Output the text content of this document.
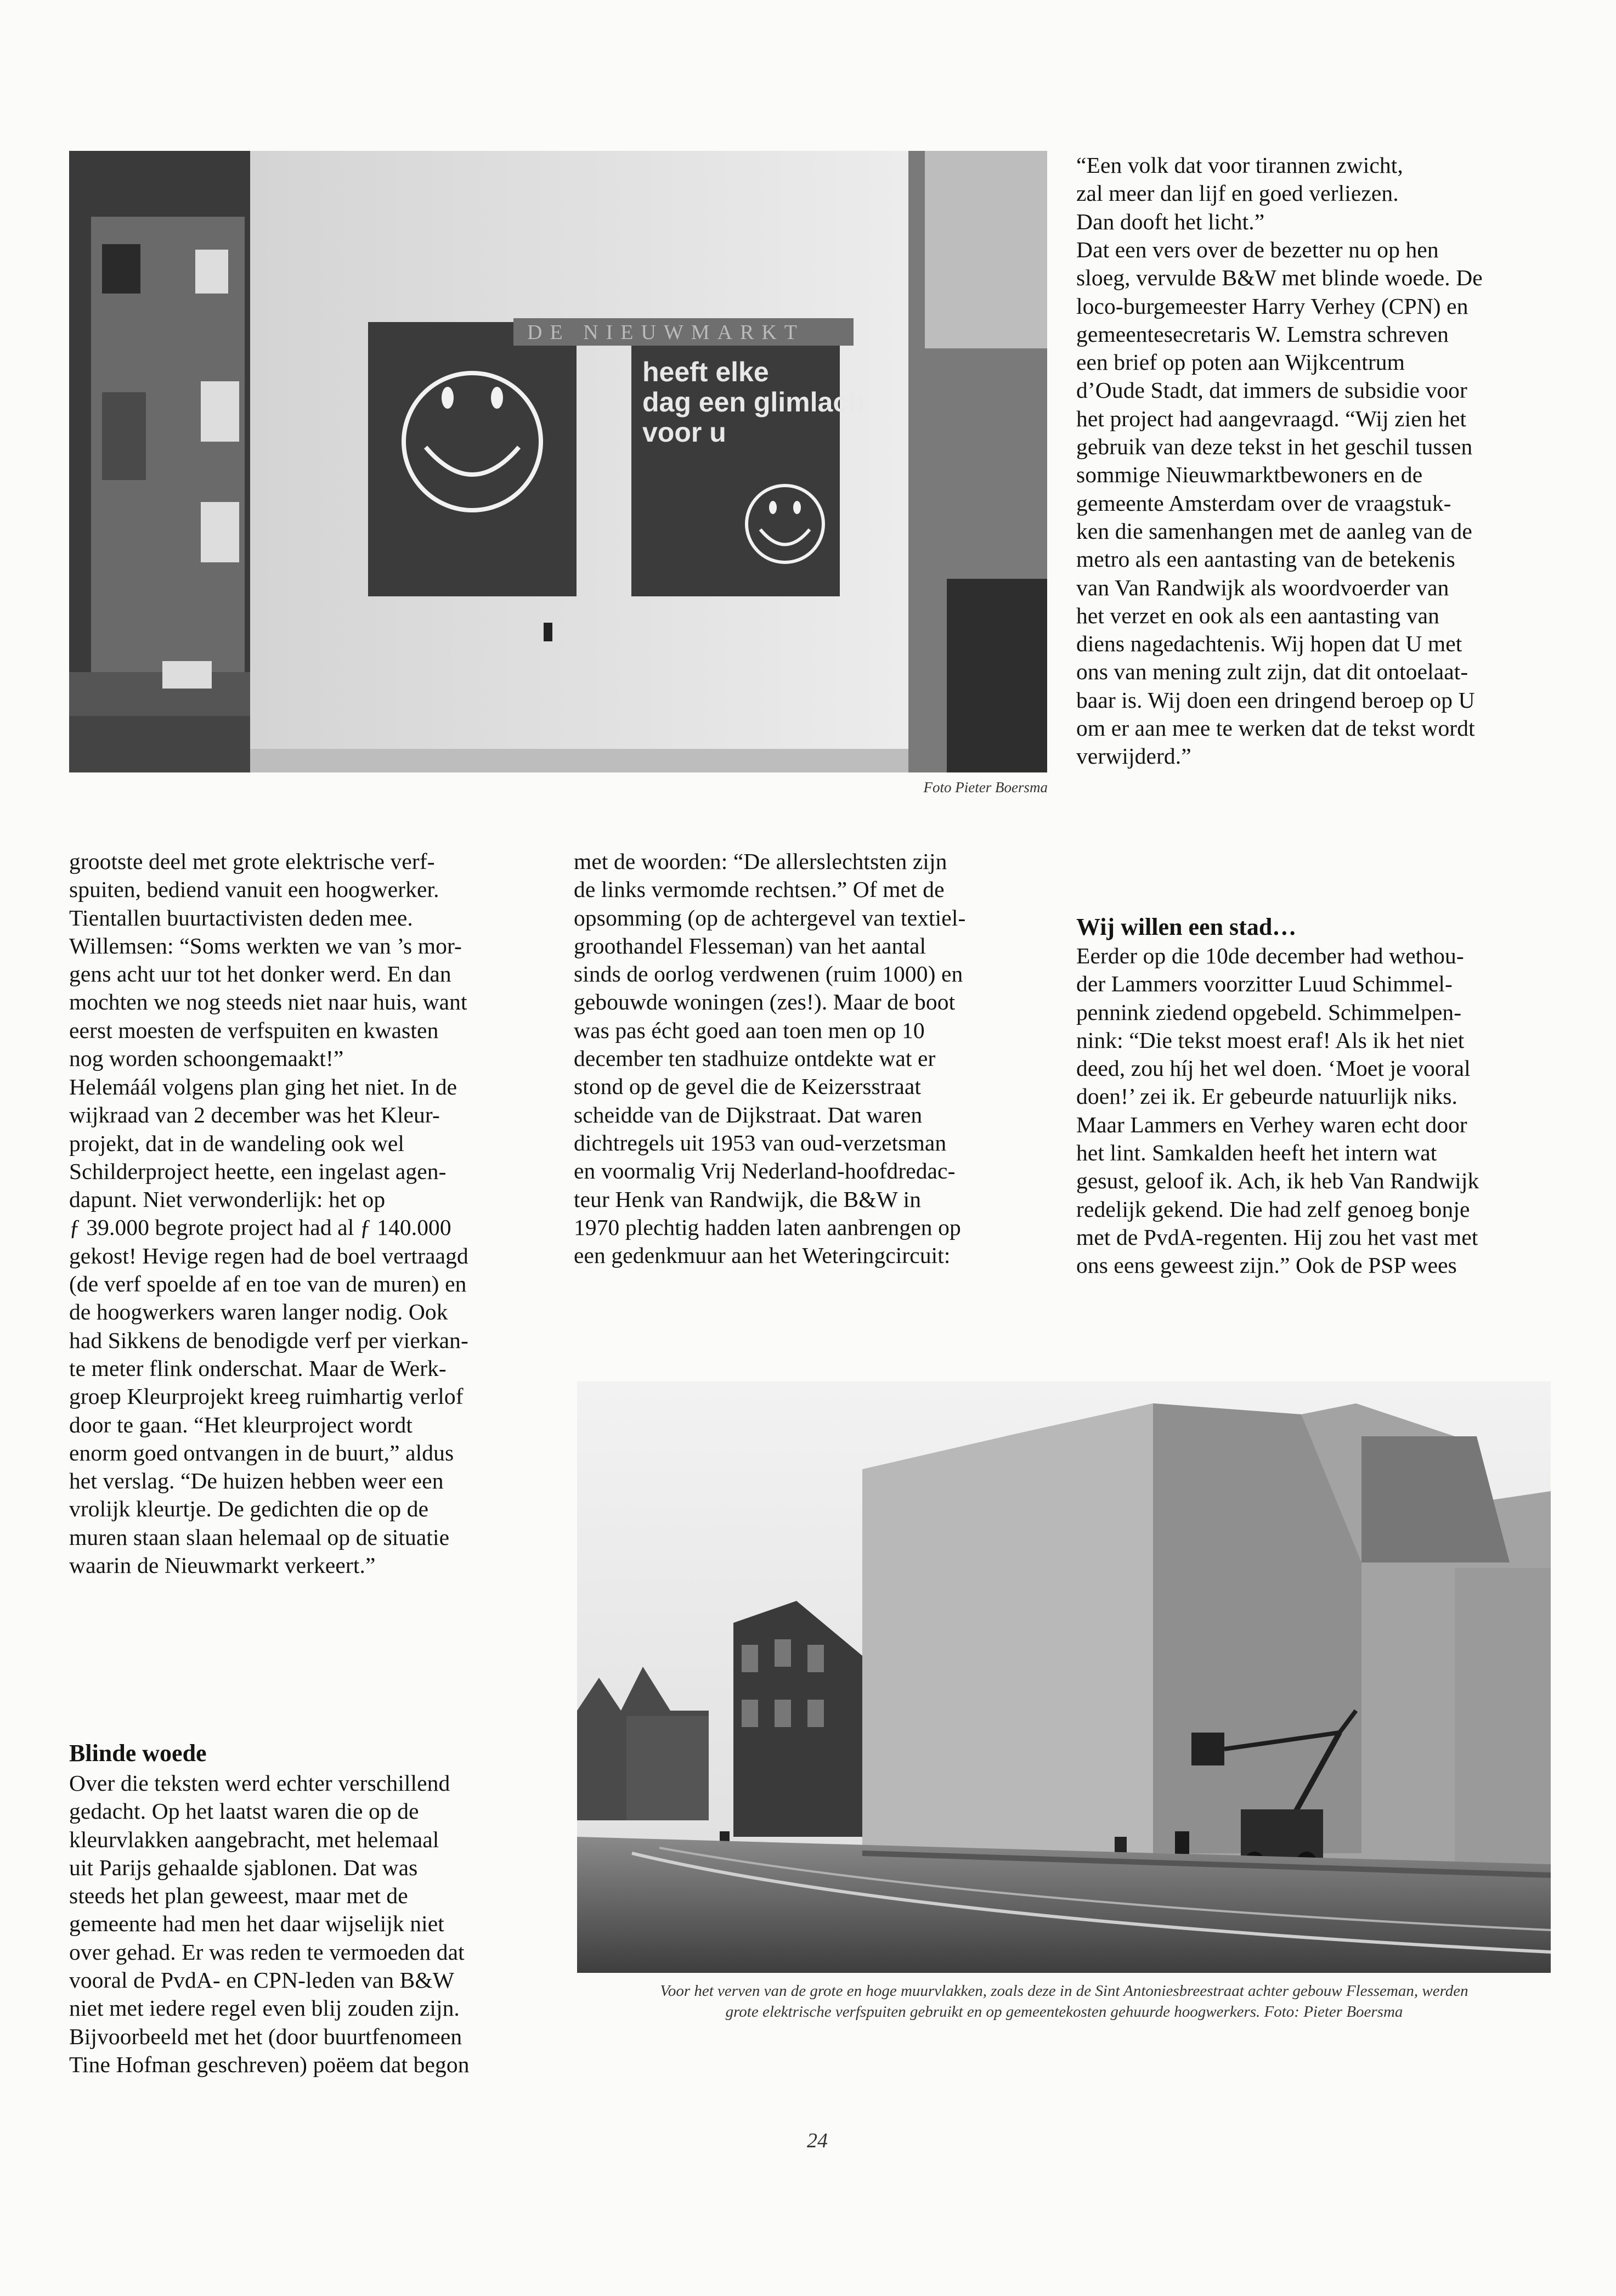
DE NIEUWMARKT
heeft elke dag een glimlach voor u

Foto Pieter Boersma

“Een volk dat voor tirannen zwicht,
zal meer dan lijf en goed verliezen.
Dan dooft het licht.”
Dat een vers over de bezetter nu op hen
sloeg, vervulde B&W met blinde woede. De
loco-burgemeester Harry Verhey (CPN) en
gemeentesecretaris W. Lemstra schreven
een brief op poten aan Wijkcentrum
d’Oude Stadt, dat immers de subsidie voor
het project had aangevraagd. “Wij zien het
gebruik van deze tekst in het geschil tussen
sommige Nieuwmarktbewoners en de
gemeente Amsterdam over de vraagstuk-
ken die samenhangen met de aanleg van de
metro als een aantasting van de betekenis
van Van Randwijk als woordvoerder van
het verzet en ook als een aantasting van
diens nagedachtenis. Wij hopen dat U met
ons van mening zult zijn, dat dit ontoelaat-
baar is. Wij doen een dringend beroep op U
om er aan mee te werken dat de tekst wordt
verwijderd.”
Wij willen een stad…
Eerder op die 10de december had wethou-
der Lammers voorzitter Luud Schimmel-
pennink ziedend opgebeld. Schimmelpen-
nink: “Die tekst moest eraf! Als ik het niet
deed, zou híj het wel doen. ‘Moet je vooral
doen!’ zei ik. Er gebeurde natuurlijk niks.
Maar Lammers en Verhey waren echt door
het lint. Samkalden heeft het intern wat
gesust, geloof ik. Ach, ik heb Van Randwijk
redelijk gekend. Die had zelf genoeg bonje
met de PvdA-regenten. Hij zou het vast met
ons eens geweest zijn.” Ook de PSP wees
grootste deel met grote elektrische verf-
spuiten, bediend vanuit een hoogwerker.
Tientallen buurtactivisten deden mee.
Willemsen: “Soms werkten we van ’s mor-
gens acht uur tot het donker werd. En dan
mochten we nog steeds niet naar huis, want
eerst moesten de verfspuiten en kwasten
nog worden schoongemaakt!”
Helemáál volgens plan ging het niet. In de
wijkraad van 2 december was het Kleur-
projekt, dat in de wandeling ook wel
Schilderproject heette, een ingelast agen-
dapunt. Niet verwonderlijk: het op
ƒ 39.000 begrote project had al ƒ 140.000
gekost! Hevige regen had de boel vertraagd
(de verf spoelde af en toe van de muren) en
de hoogwerkers waren langer nodig. Ook
had Sikkens de benodigde verf per vierkan-
te meter flink onderschat. Maar de Werk-
groep Kleurprojekt kreeg ruimhartig verlof
door te gaan. “Het kleurproject wordt
enorm goed ontvangen in de buurt,” aldus
het verslag. “De huizen hebben weer een
vrolijk kleurtje. De gedichten die op de
muren staan slaan helemaal op de situatie
waarin de Nieuwmarkt verkeert.”
Blinde woede
Over die teksten werd echter verschillend
gedacht. Op het laatst waren die op de
kleurvlakken aangebracht, met helemaal
uit Parijs gehaalde sjablonen. Dat was
steeds het plan geweest, maar met de
gemeente had men het daar wijselijk niet
over gehad. Er was reden te vermoeden dat
vooral de PvdA- en CPN-leden van B&W
niet met iedere regel even blij zouden zijn.
Bijvoorbeeld met het (door buurtfenomeen
Tine Hofman geschreven) poëem dat begon
met de woorden: “De allerslechtsten zijn
de links vermomde rechtsen.” Of met de
opsomming (op de achtergevel van textiel-
groothandel Flesseman) van het aantal
sinds de oorlog verdwenen (ruim 1000) en
gebouwde woningen (zes!). Maar de boot
was pas écht goed aan toen men op 10
december ten stadhuize ontdekte wat er
stond op de gevel die de Keizersstraat
scheidde van de Dijkstraat. Dat waren
dichtregels uit 1953 van oud-verzetsman
en voormalig Vrij Nederland-hoofdredac-
teur Henk van Randwijk, die B&W in
1970 plechtig hadden laten aanbrengen op
een gedenkmuur aan het Weteringcircuit:
Voor het verven van de grote en hoge muurvlakken, zoals deze in de Sint Antoniesbreestraat achter gebouw Flesseman, werden
grote elektrische verfspuiten gebruikt en op gemeentekosten gehuurde hoogwerkers. Foto: Pieter Boersma
24
